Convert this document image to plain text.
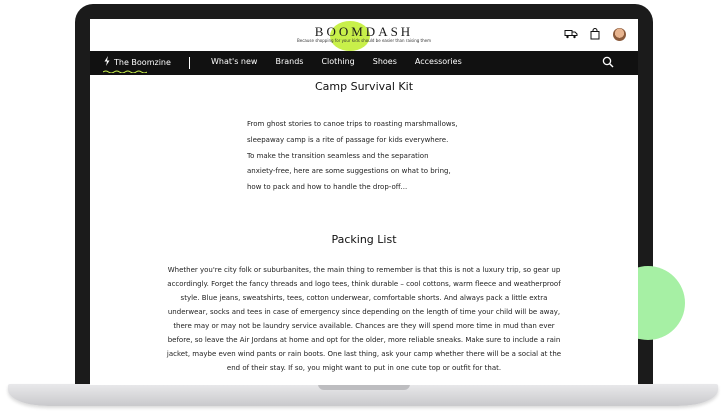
BOOMDASH
Because shopping for your kids should be easier than raising them
The Boomzine	What's new Brands Clothing Shoes Accessories
Camp Survival Kit
From ghost stories to canoe trips to roasting marshmallows,
sleepaway camp is a rite of passage for kids everywhere.
To make the transition seamless and the separation
anxiety-free, here are some suggestions on what to bring,
how to pack and how to handle the drop-off...
Packing List
Whether you're city folk or suburbanites, the main thing to remember is that this is not a luxury trip, so gear up accordingly. Forget the fancy threads and logo tees, think durable – cool cottons, warm fleece and weatherproof style. Blue jeans, sweatshirts, tees, cotton underwear, comfortable shorts. And always pack a little extra underwear, socks and tees in case of emergency since depending on the length of time your child will be away, there may or may not be laundry service available. Chances are they will spend more time in mud than ever before, so leave the Air Jordans at home and opt for the older, more reliable sneaks. Make sure to include a rain jacket, maybe even wind pants or rain boots. One last thing, ask your camp whether there will be a social at the end of their stay. If so, you might want to put in one cute top or outfit for that.
